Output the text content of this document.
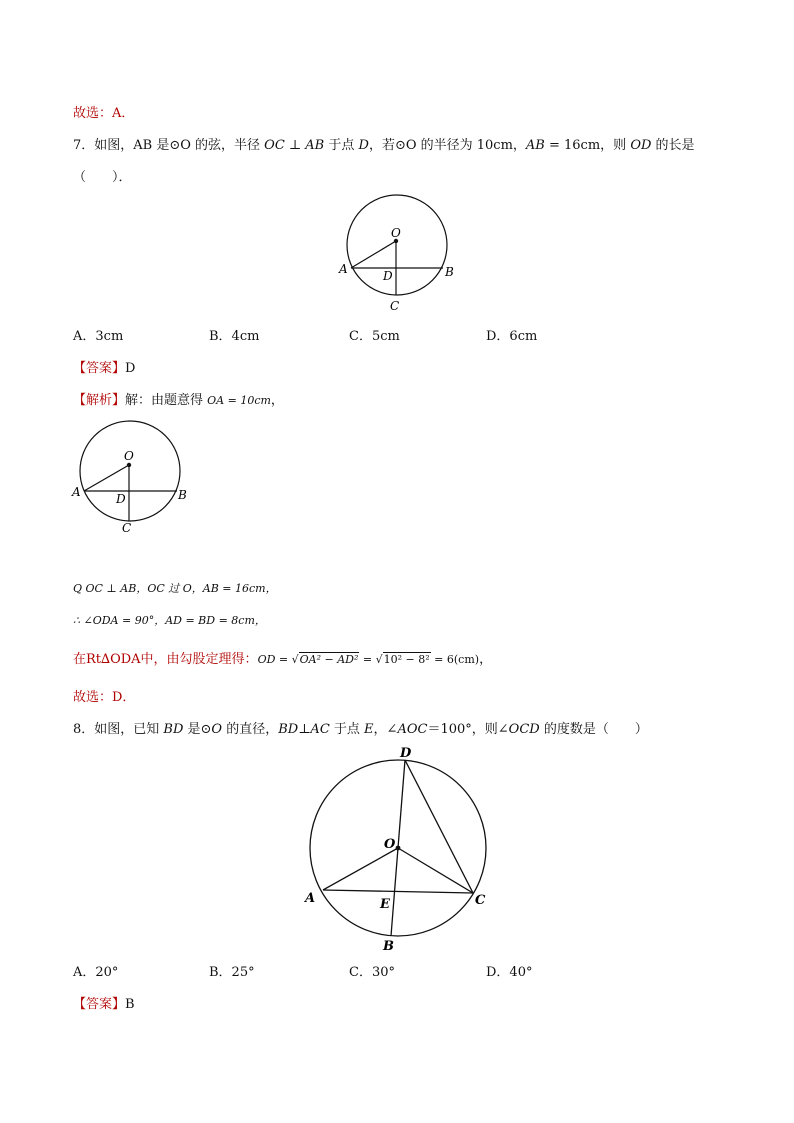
故选：A．
7．如图，AB 是⊙O 的弦，半径 OC ⊥ AB 于点 D，若⊙O 的半径为 10cm，AB = 16cm，则 OD 的长是
（　　）．
O
A	B
D
C
A．3cm	B．4cm	C．5cm	D．6cm
【答案】D
【解析】解：由题意得 OA = 10cm，
O
A	B
D
C
Q OC ⊥ AB，OC 过 O，AB = 16cm，
∴ ∠ODA = 90°，AD = BD = 8cm，
在Rt∆ODA中，由勾股定理得：OD = √OA² − AD² = √10² − 8² = 6(cm)，
故选：D．
8．如图，已知 BD 是⊙O 的直径，BD⊥AC 于点 E，∠AOC＝100°，则∠OCD 的度数是（　　）
D
O
A	E	C
B
A．20°	B．25°	C．30°	D．40°
【答案】B
